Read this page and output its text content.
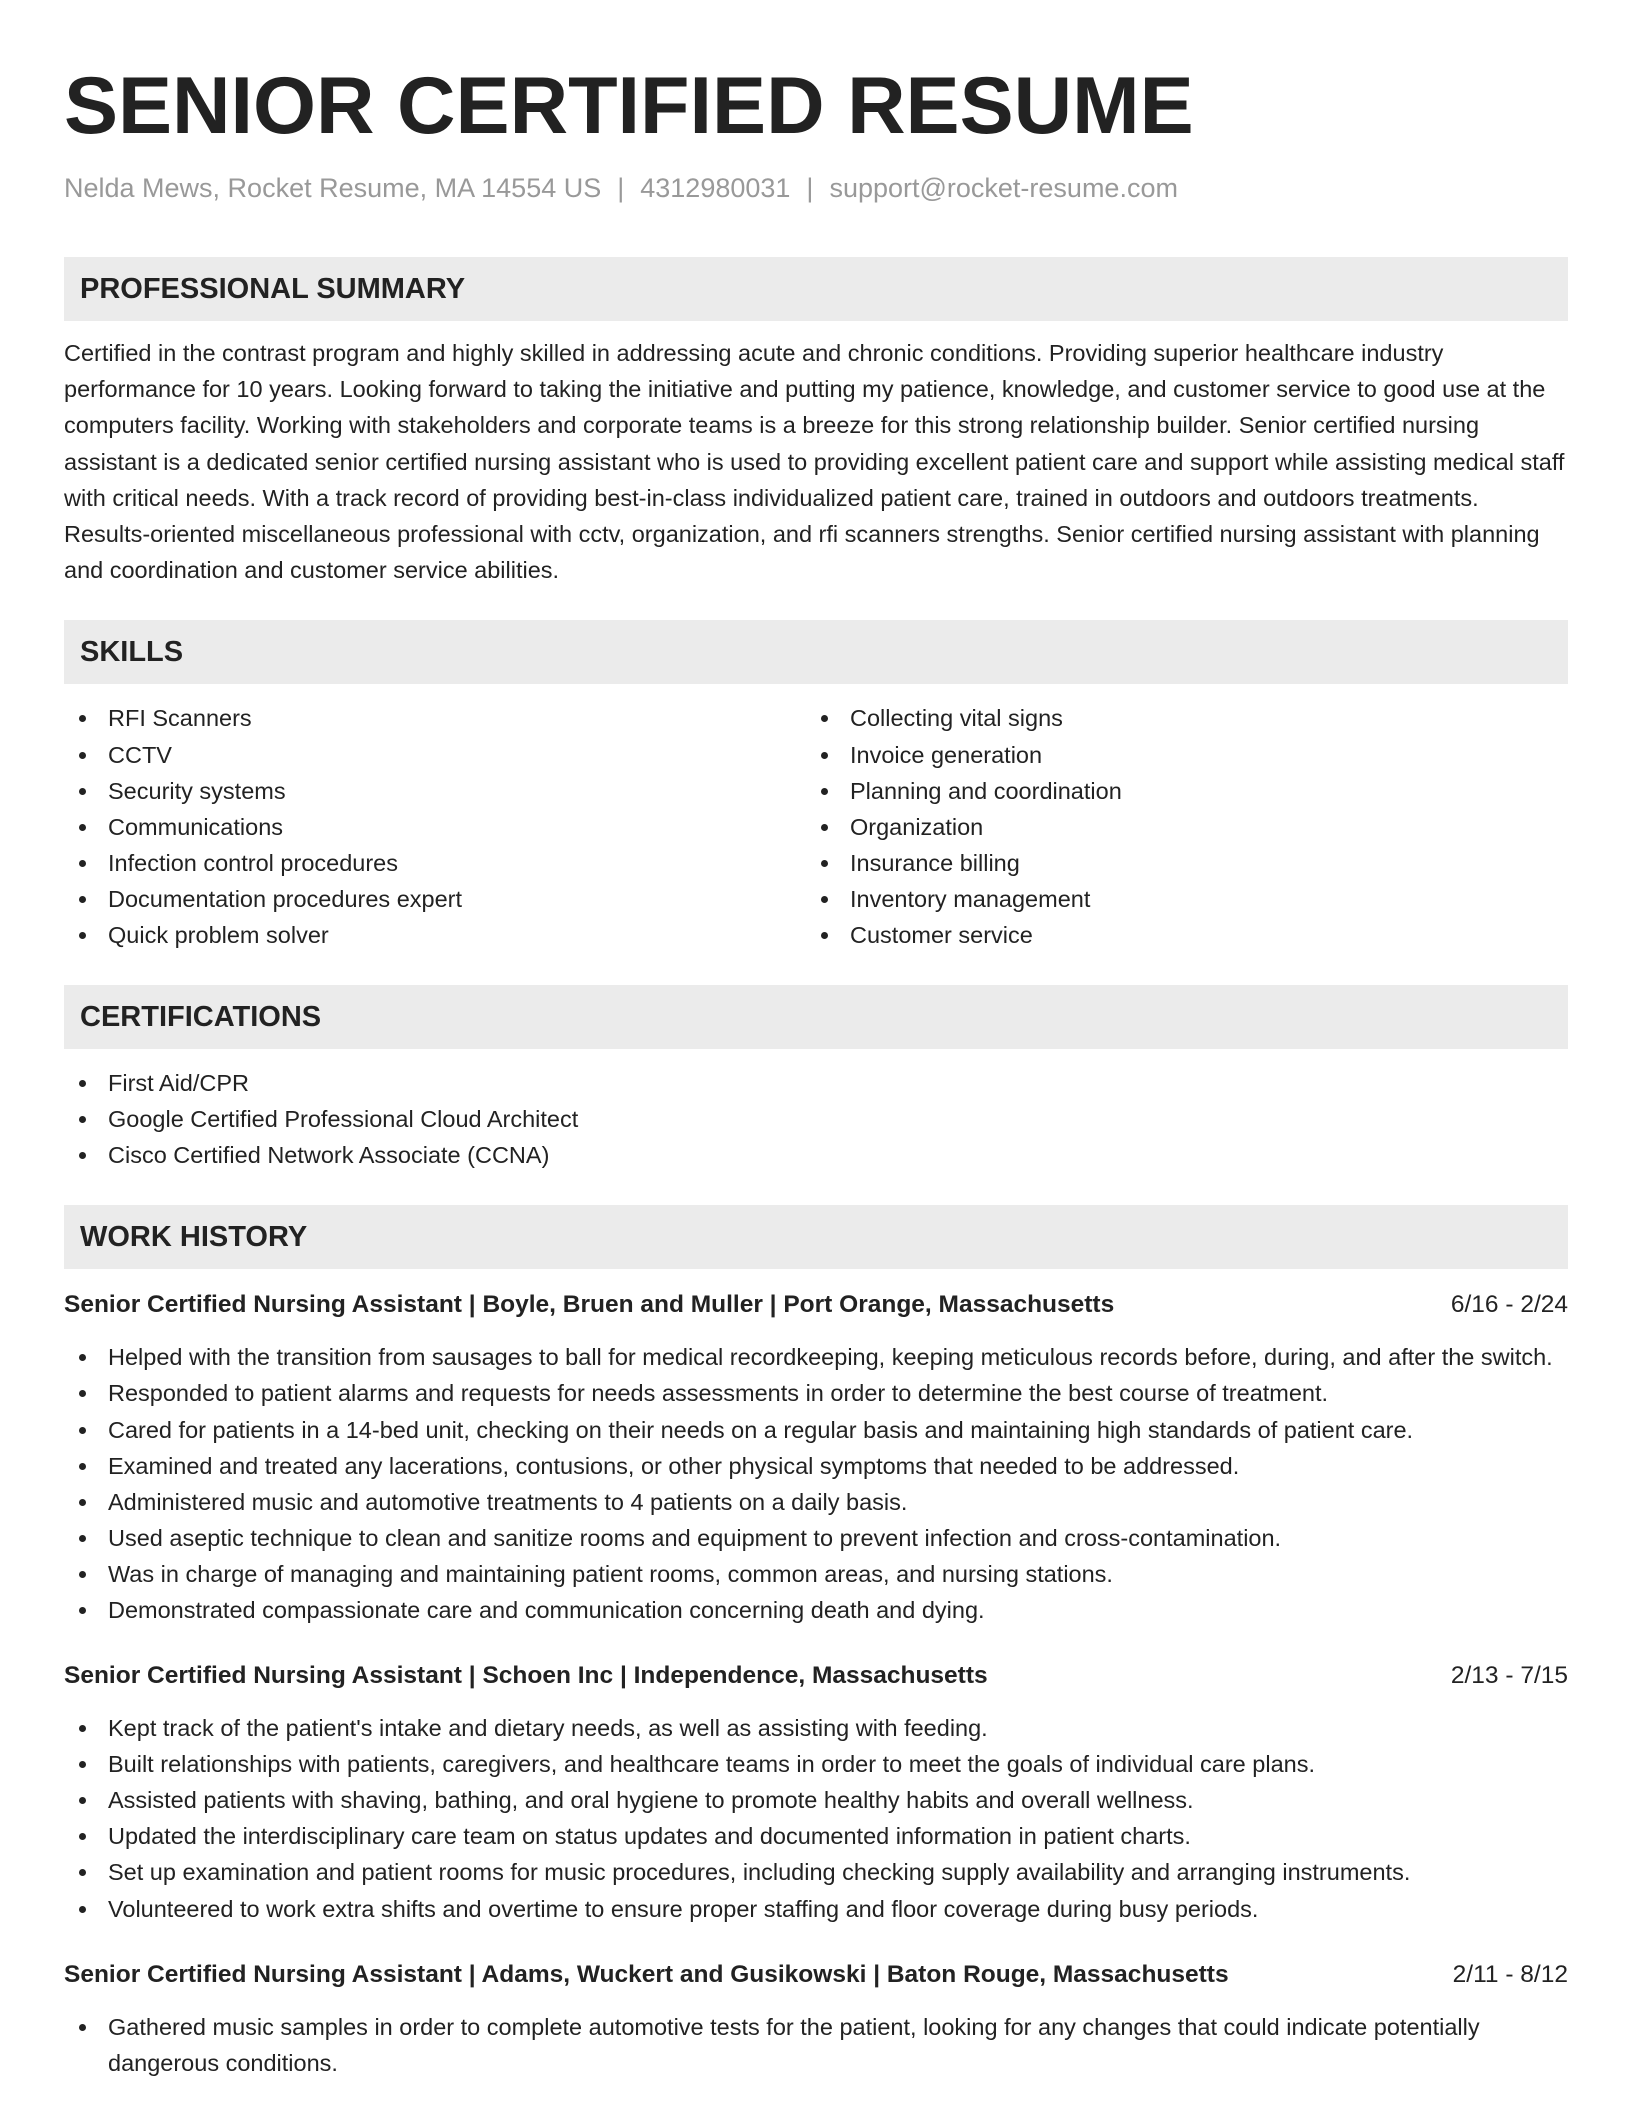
SENIOR CERTIFIED RESUME
Nelda Mews, Rocket Resume, MA 14554 US | 4312980031 | support@rocket-resume.com
PROFESSIONAL SUMMARY

Certified in the contrast program and highly skilled in addressing acute and chronic conditions. Providing superior healthcare industry performance for 10 years. Looking forward to taking the initiative and putting my patience, knowledge, and customer service to good use at the computers facility. Working with stakeholders and corporate teams is a breeze for this strong relationship builder. Senior certified nursing assistant is a dedicated senior certified nursing assistant who is used to providing excellent patient care and support while assisting medical staff with critical needs. With a track record of providing best-in-class individualized patient care, trained in outdoors and outdoors treatments. Results-oriented miscellaneous professional with cctv, organization, and rfi scanners strengths. Senior certified nursing assistant with planning and coordination and customer service abilities.

SKILLS
RFI Scanners
CCTV
Security systems
Communications
Infection control procedures
Documentation procedures expert
Quick problem solver
Collecting vital signs
Invoice generation
Planning and coordination
Organization
Insurance billing
Inventory management
Customer service
CERTIFICATIONS
First Aid/CPR
Google Certified Professional Cloud Architect
Cisco Certified Network Associate (CCNA)
WORK HISTORY
Senior Certified Nursing Assistant | Boyle, Bruen and Muller | Port Orange, Massachusetts	6/16 - 2/24
Helped with the transition from sausages to ball for medical recordkeeping, keeping meticulous records before, during, and after the switch.
Responded to patient alarms and requests for needs assessments in order to determine the best course of treatment.
Cared for patients in a 14-bed unit, checking on their needs on a regular basis and maintaining high standards of patient care.
Examined and treated any lacerations, contusions, or other physical symptoms that needed to be addressed.
Administered music and automotive treatments to 4 patients on a daily basis.
Used aseptic technique to clean and sanitize rooms and equipment to prevent infection and cross-contamination.
Was in charge of managing and maintaining patient rooms, common areas, and nursing stations.
Demonstrated compassionate care and communication concerning death and dying.
Senior Certified Nursing Assistant | Schoen Inc | Independence, Massachusetts	2/13 - 7/15
Kept track of the patient's intake and dietary needs, as well as assisting with feeding.
Built relationships with patients, caregivers, and healthcare teams in order to meet the goals of individual care plans.
Assisted patients with shaving, bathing, and oral hygiene to promote healthy habits and overall wellness.
Updated the interdisciplinary care team on status updates and documented information in patient charts.
Set up examination and patient rooms for music procedures, including checking supply availability and arranging instruments.
Volunteered to work extra shifts and overtime to ensure proper staffing and floor coverage during busy periods.
Senior Certified Nursing Assistant | Adams, Wuckert and Gusikowski | Baton Rouge, Massachusetts	2/11 - 8/12
Gathered music samples in order to complete automotive tests for the patient, looking for any changes that could indicate potentially dangerous conditions.
